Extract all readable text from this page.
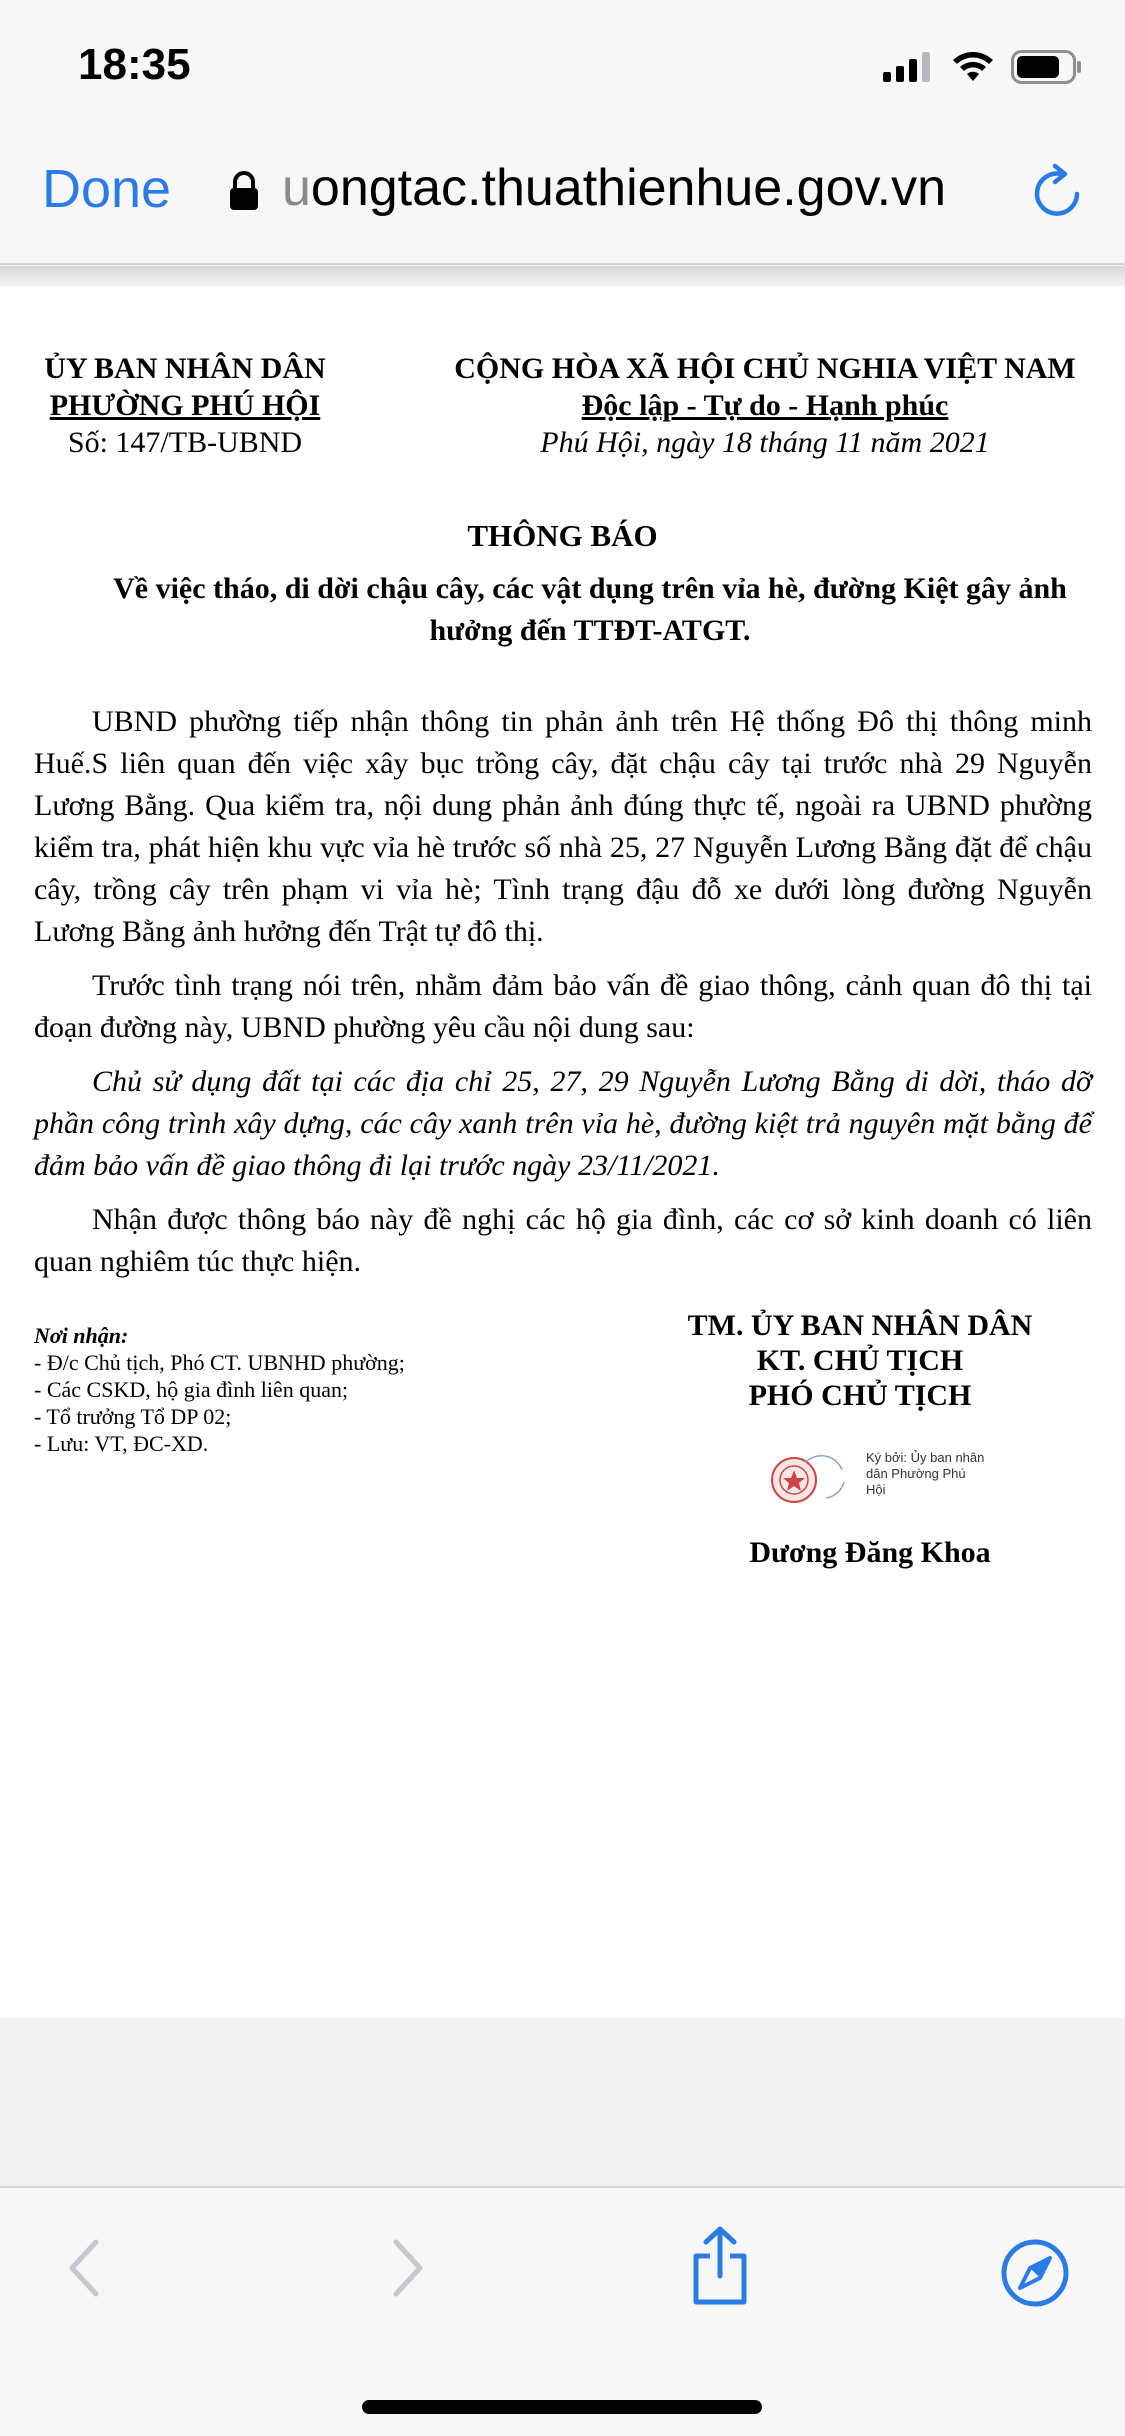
18:35
Done uongtac.thuathienhue.gov.vn
ỦY BAN NHÂN DÂN
PHƯỜNG PHÚ HỘI
Số: 147/TB-UBND
CỘNG HÒA XÃ HỘI CHỦ NGHIA VIỆT NAM
Độc lập - Tự do - Hạnh phúc
Phú Hội, ngày 18 tháng 11 năm 2021
THÔNG BÁO
Về việc tháo, di dời chậu cây, các vật dụng trên vỉa hè, đường Kiệt gây ảnh hưởng đến TTĐT-ATGT.

UBND phường tiếp nhận thông tin phản ảnh trên Hệ thống Đô thị thông minh Huế.S liên quan đến việc xây bục trồng cây, đặt chậu cây tại trước nhà 29 Nguyễn Lương Bằng. Qua kiểm tra, nội dung phản ảnh đúng thực tế, ngoài ra UBND phường kiểm tra, phát hiện khu vực vỉa hè trước số nhà 25, 27 Nguyễn Lương Bằng đặt để chậu cây, trồng cây trên phạm vi vỉa hè; Tình trạng đậu đỗ xe dưới lòng đường Nguyễn Lương Bằng ảnh hưởng đến Trật tự đô thị.

Trước tình trạng nói trên, nhằm đảm bảo vấn đề giao thông, cảnh quan đô thị tại đoạn đường này, UBND phường yêu cầu nội dung sau:

Chủ sử dụng đất tại các địa chỉ 25, 27, 29 Nguyễn Lương Bằng di dời, tháo dỡ phần công trình xây dựng, các cây xanh trên vỉa hè, đường kiệt trả nguyên mặt bằng để đảm bảo vấn đề giao thông đi lại trước ngày 23/11/2021.

Nhận được thông báo này đề nghị các hộ gia đình, các cơ sở kinh doanh có liên quan nghiêm túc thực hiện.

Nơi nhận:
- Đ/c Chủ tịch, Phó CT. UBNHD phường;
- Các CSKD, hộ gia đình liên quan;
- Tổ trưởng Tổ DP 02;
- Lưu: VT, ĐC-XD.
TM. ỦY BAN NHÂN DÂN
KT. CHỦ TỊCH
PHÓ CHỦ TỊCH
Ký bởi: Ủy ban nhân dân Phường Phú Hội
Dương Đăng Khoa
